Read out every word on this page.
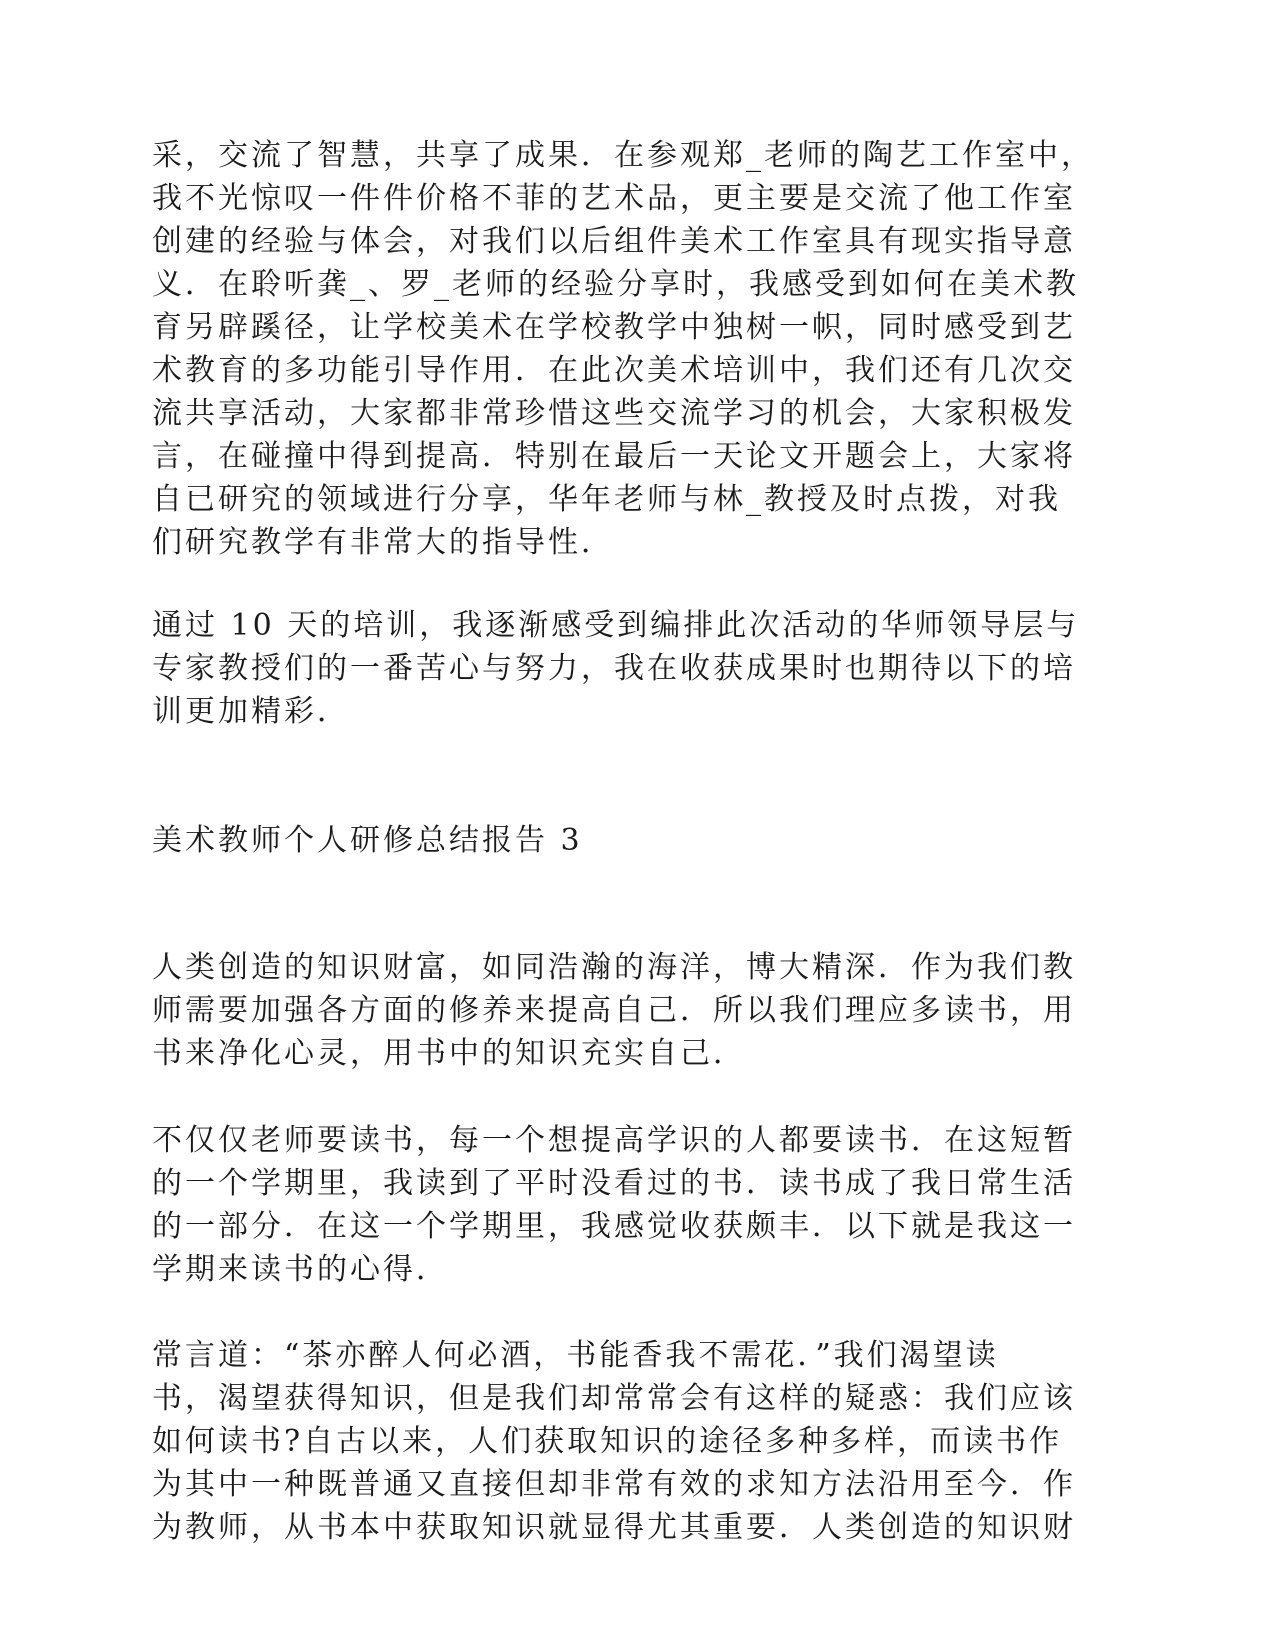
采，交流了智慧，共享了成果．在参观郑_老师的陶艺工作室中，
我不光惊叹一件件价格不菲的艺术品，更主要是交流了他工作室
创建的经验与体会，对我们以后组件美术工作室具有现实指导意
义．在聆听龚_、罗_老师的经验分享时，我感受到如何在美术教
育另辟蹊径，让学校美术在学校教学中独树一帜，同时感受到艺
术教育的多功能引导作用．在此次美术培训中，我们还有几次交
流共享活动，大家都非常珍惜这些交流学习的机会，大家积极发
言，在碰撞中得到提高．特别在最后一天论文开题会上，大家将
自已研究的领域进行分享，华年老师与林_教授及时点拨，对我
们研究教学有非常大的指导性．
通过 10 天的培训，我逐渐感受到编排此次活动的华师领导层与
专家教授们的一番苦心与努力，我在收获成果时也期待以下的培
训更加精彩．
美术教师个人研修总结报告 3
人类创造的知识财富，如同浩瀚的海洋，博大精深．作为我们教
师需要加强各方面的修养来提高自己．所以我们理应多读书，用
书来净化心灵，用书中的知识充实自己．
不仅仅老师要读书，每一个想提高学识的人都要读书．在这短暂
的一个学期里，我读到了平时没看过的书．读书成了我日常生活
的一部分．在这一个学期里，我感觉收获颇丰．以下就是我这一
学期来读书的心得．
常言道：“茶亦醉人何必酒，书能香我不需花．”我们渴望读
书，渴望获得知识，但是我们却常常会有这样的疑惑：我们应该
如何读书?自古以来，人们获取知识的途径多种多样，而读书作
为其中一种既普通又直接但却非常有效的求知方法沿用至今．作
为教师，从书本中获取知识就显得尤其重要．人类创造的知识财
